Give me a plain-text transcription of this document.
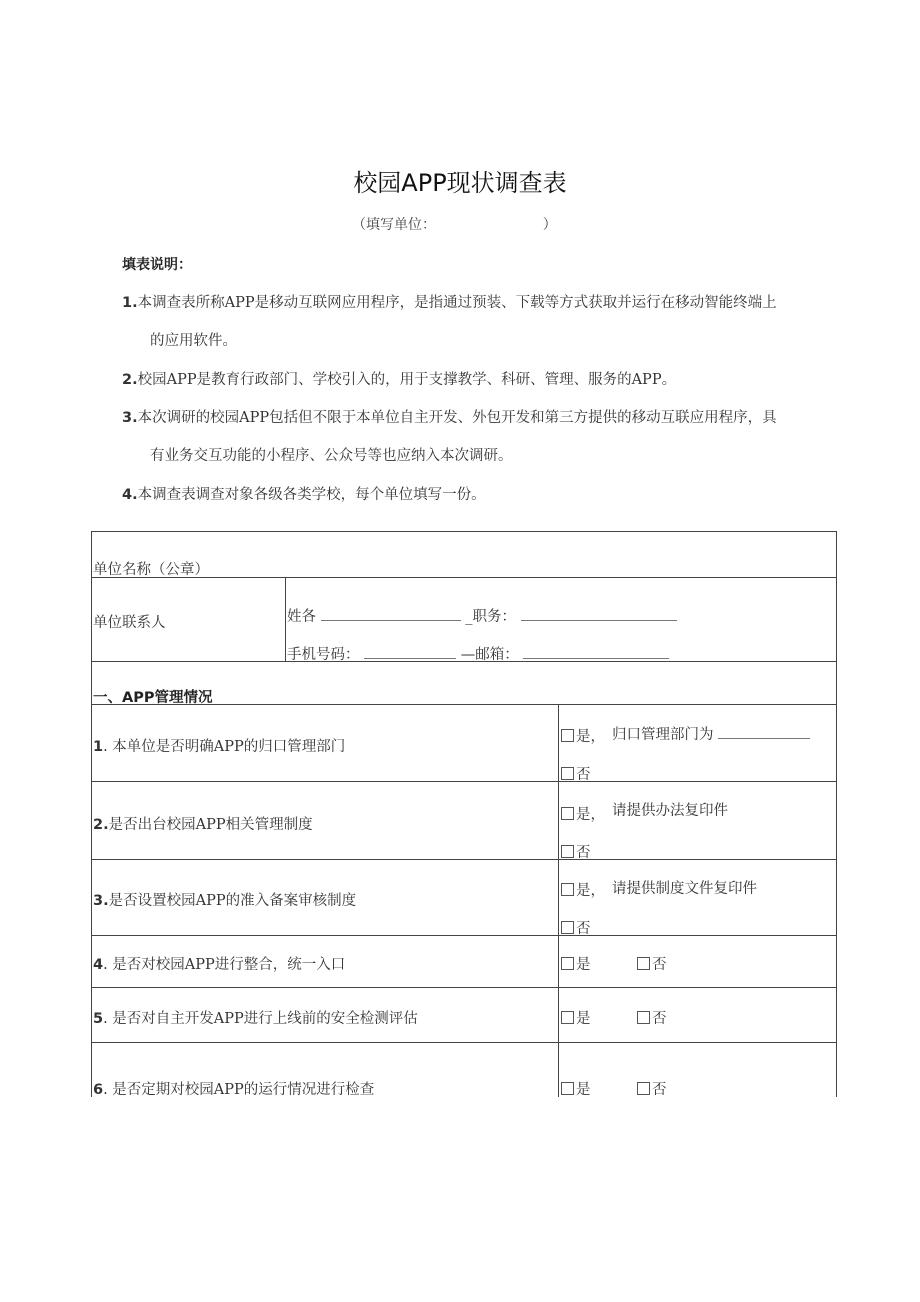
校园APP现状调查表
（填写单位：                        ）
填表说明：
1.本调查表所称APP是移动互联网应用程序，是指通过预装、下载等方式获取并运行在移动智能终端上
的应用软件。
2.校园APP是教育行政部门、学校引入的，用于支撑教学、科研、管理、服务的APP。
3.本次调研的校园APP包括但不限于本单位自主开发、外包开发和第三方提供的移动互联应用程序，具
有业务交互功能的小程序、公众号等也应纳入本次调研。
4.本调查表调查对象各级各类学校，每个单位填写一份。
单位名称（公章）
单位联系人	姓各	_职务：
手机号码：	—邮箱：
一、APP管理情况
1. 本单位是否明确APP的归口管理部门
是， 归口管理部门为
否
2.是否出台校园APP相关管理制度
是， 请提供办法复印件
否
3.是否设置校园APP的准入备案审核制度
是， 请提供制度文件复印件
否
4. 是否对校园APP进行整合，统一入口	是	否
5. 是否对自主开发APP进行上线前的安全检测评估	是	否
6. 是否定期对校园APP的运行情况进行检查	是	否
